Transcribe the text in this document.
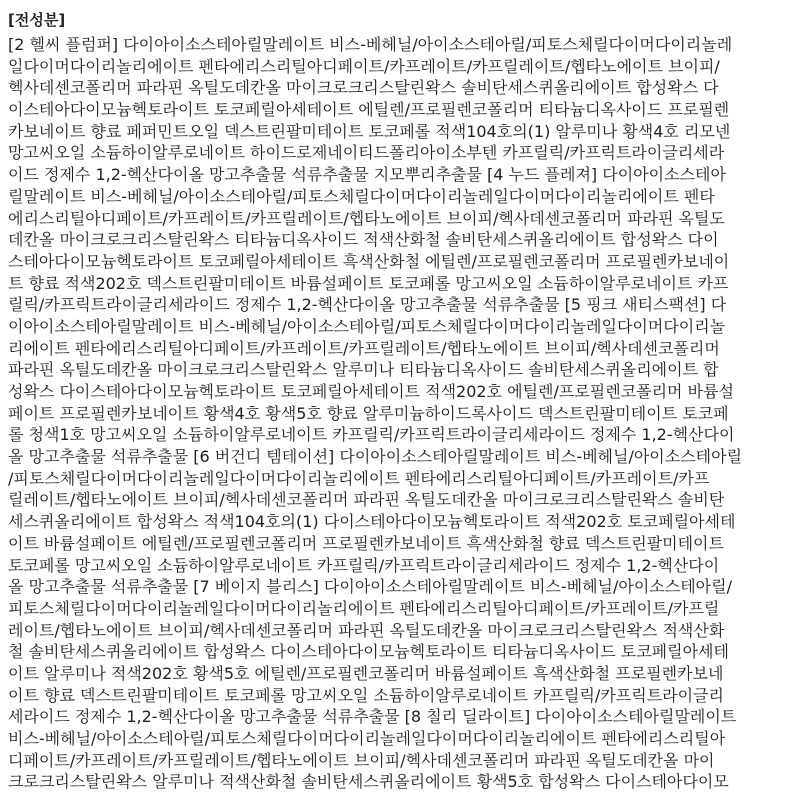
[전성분]
[2 헬씨 플럼퍼] 다이아이소스테아릴말레이트 비스-베헤닐/아이소스테아릴/피토스체릴다이머다이리놀레
일다이머다이리놀리에이트 펜타에리스리틸아디페이트/카프레이트/카프릴레이트/헵타노에이트 브이피/
헥사데센코폴리머 파라핀 옥틸도데칸올 마이크로크리스탈린왁스 솔비탄세스퀴올리에이트 합성왁스 다
이스테아다이모늄헥토라이트 토코페릴아세테이트 에틸렌/프로필렌코폴리머 티타늄디옥사이드 프로필렌
카보네이트 향료 페퍼민트오일 덱스트린팔미테이트 토코페롤 적색104호의(1) 알루미나 황색4호 리모넨
망고씨오일 소듐하이알루로네이트 하이드로제네이티드폴리아이소부텐 카프릴릭/카프릭트라이글리세라
이드 정제수 1,2-헥산다이올 망고추출물 석류추출물 지모뿌리추출물 [4 누드 플레져] 다이아이소스테아
릴말레이트 비스-베헤닐/아이소스테아릴/피토스체릴다이머다이리놀레일다이머다이리놀리에이트 펜타
에리스리틸아디페이트/카프레이트/카프릴레이트/헵타노에이트 브이피/헥사데센코폴리머 파라핀 옥틸도
데칸올 마이크로크리스탈린왁스 티타늄디옥사이드 적색산화철 솔비탄세스퀴올리에이트 합성왁스 다이
스테아다이모늄헥토라이트 토코페릴아세테이트 흑색산화철 에틸렌/프로필렌코폴리머 프로필렌카보네이
트 향료 적색202호 덱스트린팔미테이트 바륨설페이트 토코페롤 망고씨오일 소듐하이알루로네이트 카프
릴릭/카프릭트라이글리세라이드 정제수 1,2-헥산다이올 망고추출물 석류추출물 [5 핑크 새티스팩션] 다
이아이소스테아릴말레이트 비스-베헤닐/아이소스테아릴/피토스체릴다이머다이리놀레일다이머다이리놀
리에이트 펜타에리스리틸아디페이트/카프레이트/카프릴레이트/헵타노에이트 브이피/헥사데센코폴리머
파라핀 옥틸도데칸올 마이크로크리스탈린왁스 알루미나 티타늄디옥사이드 솔비탄세스퀴올리에이트 합
성왁스 다이스테아다이모늄헥토라이트 토코페릴아세테이트 적색202호 에틸렌/프로필렌코폴리머 바륨설
페이트 프로필렌카보네이트 황색4호 황색5호 향료 알루미늄하이드록사이드 덱스트린팔미테이트 토코페
롤 청색1호 망고씨오일 소듐하이알루로네이트 카프릴릭/카프릭트라이글리세라이드 정제수 1,2-헥산다이
올 망고추출물 석류추출물 [6 버건디 템테이션] 다이아이소스테아릴말레이트 비스-베헤닐/아이소스테아릴
/피토스체릴다이머다이리놀레일다이머다이리놀리에이트 펜타에리스리틸아디페이트/카프레이트/카프
릴레이트/헵타노에이트 브이피/헥사데센코폴리머 파라핀 옥틸도데칸올 마이크로크리스탈린왁스 솔비탄
세스퀴올리에이트 합성왁스 적색104호의(1) 다이스테아다이모늄헥토라이트 적색202호 토코페릴아세테
이트 바륨설페이트 에틸렌/프로필렌코폴리머 프로필렌카보네이트 흑색산화철 향료 덱스트린팔미테이트
토코페롤 망고씨오일 소듐하이알루로네이트 카프릴릭/카프릭트라이글리세라이드 정제수 1,2-헥산다이
올 망고추출물 석류추출물 [7 베이지 블리스] 다이아이소스테아릴말레이트 비스-베헤닐/아이소스테아릴/
피토스체릴다이머다이리놀레일다이머다이리놀리에이트 펜타에리스리틸아디페이트/카프레이트/카프릴
레이트/헵타노에이트 브이피/헥사데센코폴리머 파라핀 옥틸도데칸올 마이크로크리스탈린왁스 적색산화
철 솔비탄세스퀴올리에이트 합성왁스 다이스테아다이모늄헥토라이트 티타늄디옥사이드 토코페릴아세테
이트 알루미나 적색202호 황색5호 에틸렌/프로필렌코폴리머 바륨설페이트 흑색산화철 프로필렌카보네
이트 향료 덱스트린팔미테이트 토코페롤 망고씨오일 소듐하이알루로네이트 카프릴릭/카프릭트라이글리
세라이드 정제수 1,2-헥산다이올 망고추출물 석류추출물 [8 칠리 딜라이트] 다이아이소스테아릴말레이트
비스-베헤닐/아이소스테아릴/피토스체릴다이머다이리놀레일다이머다이리놀리에이트 펜타에리스리틸아
디페이트/카프레이트/카프릴레이트/헵타노에이트 브이피/헥사데센코폴리머 파라핀 옥틸도데칸올 마이
크로크리스탈린왁스 알루미나 적색산화철 솔비탄세스퀴올리에이트 황색5호 합성왁스 다이스테아다이모
